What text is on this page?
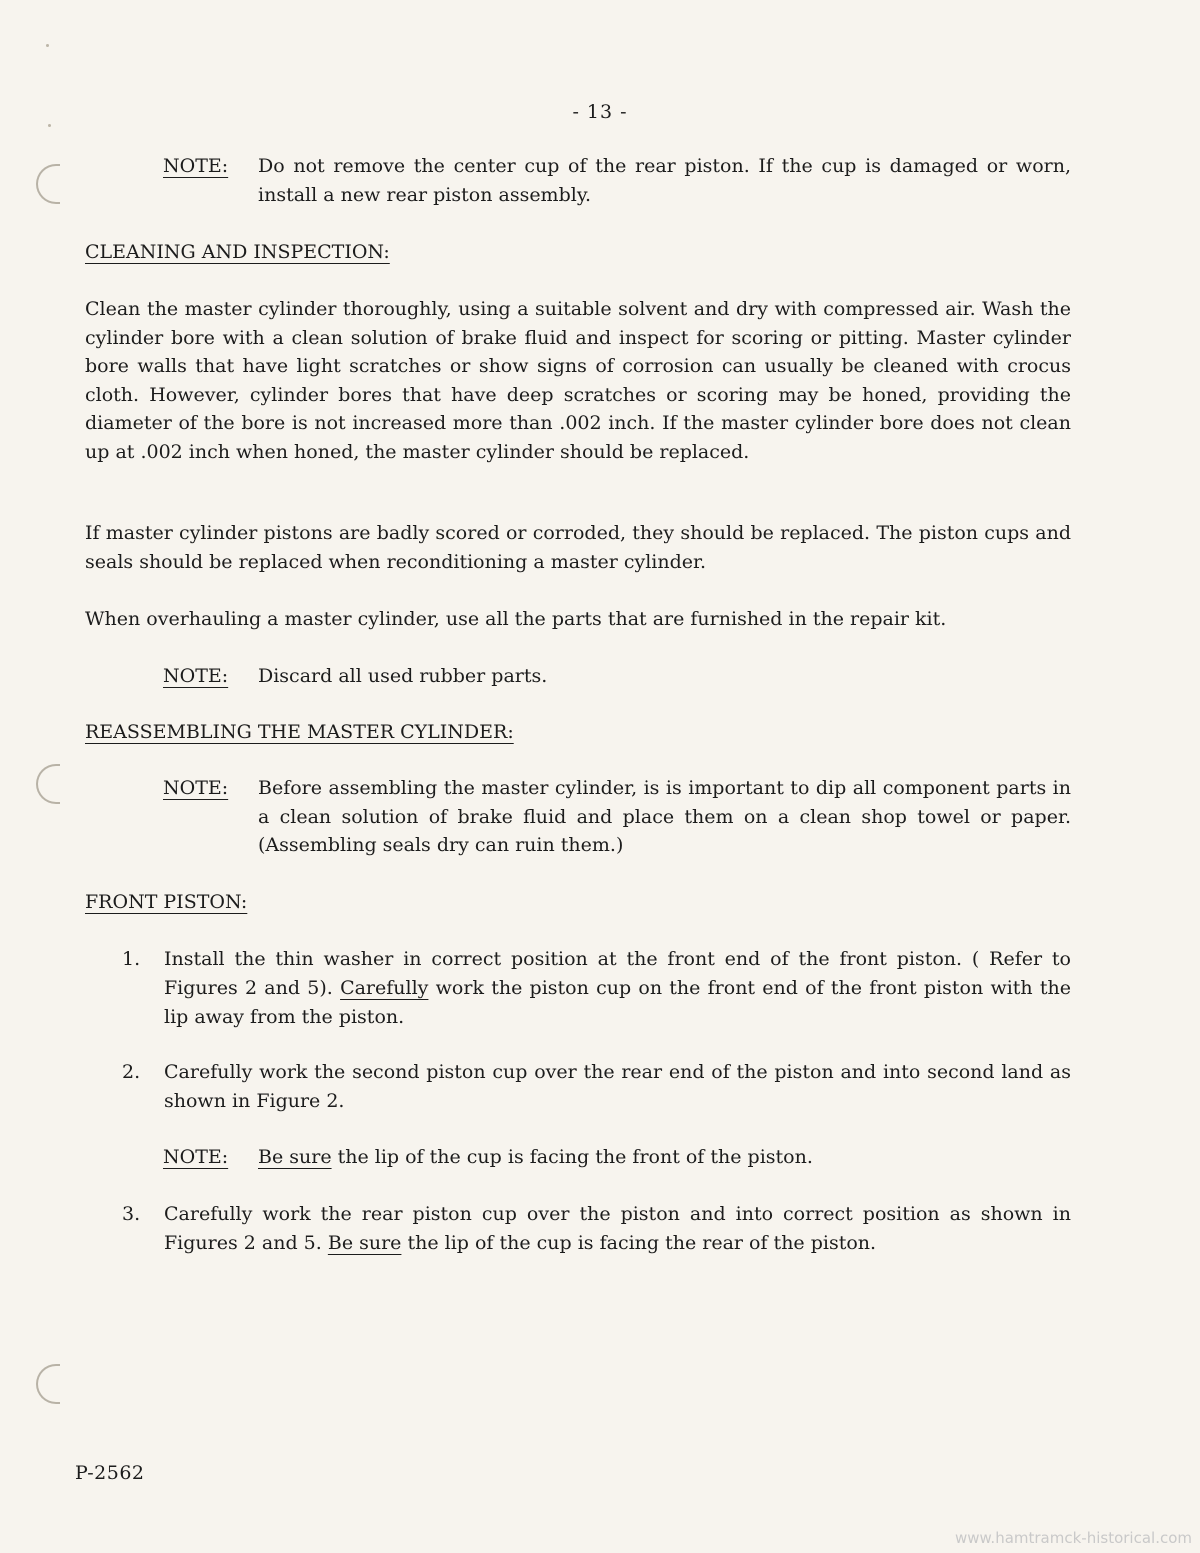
- 13 -
NOTE: Do not remove the center cup of the rear piston. If the cup is damaged or worn, install a new rear piston assembly.
CLEANING AND INSPECTION:
Clean the master cylinder thoroughly, using a suitable solvent and dry with compressed air. Wash the cylinder bore with a clean solution of brake fluid and inspect for scoring or pitting. Master cylinder bore walls that have light scratches or show signs of corrosion can usually be cleaned with crocus cloth. However, cylinder bores that have deep scratches or scoring may be honed, providing the diameter of the bore is not increased more than .002 inch. If the master cylinder bore does not clean up at .002 inch when honed, the master cylinder should be replaced.
If master cylinder pistons are badly scored or corroded, they should be replaced. The piston cups and seals should be replaced when reconditioning a master cylinder.
When overhauling a master cylinder, use all the parts that are furnished in the repair kit.
NOTE: Discard all used rubber parts.
REASSEMBLING THE MASTER CYLINDER:
NOTE: Before assembling the master cylinder, is is important to dip all component parts in a clean solution of brake fluid and place them on a clean shop towel or paper. (Assembling seals dry can ruin them.)
FRONT PISTON:
1. Install the thin washer in correct position at the front end of the front piston. ( Refer to Figures 2 and 5). Carefully work the piston cup on the front end of the front piston with the lip away from the piston.
2. Carefully work the second piston cup over the rear end of the piston and into second land as shown in Figure 2.
NOTE: Be sure the lip of the cup is facing the front of the piston.
3. Carefully work the rear piston cup over the piston and into correct position as shown in Figures 2 and 5. Be sure the lip of the cup is facing the rear of the piston.
P-2562
www.hamtramck-historical.com
